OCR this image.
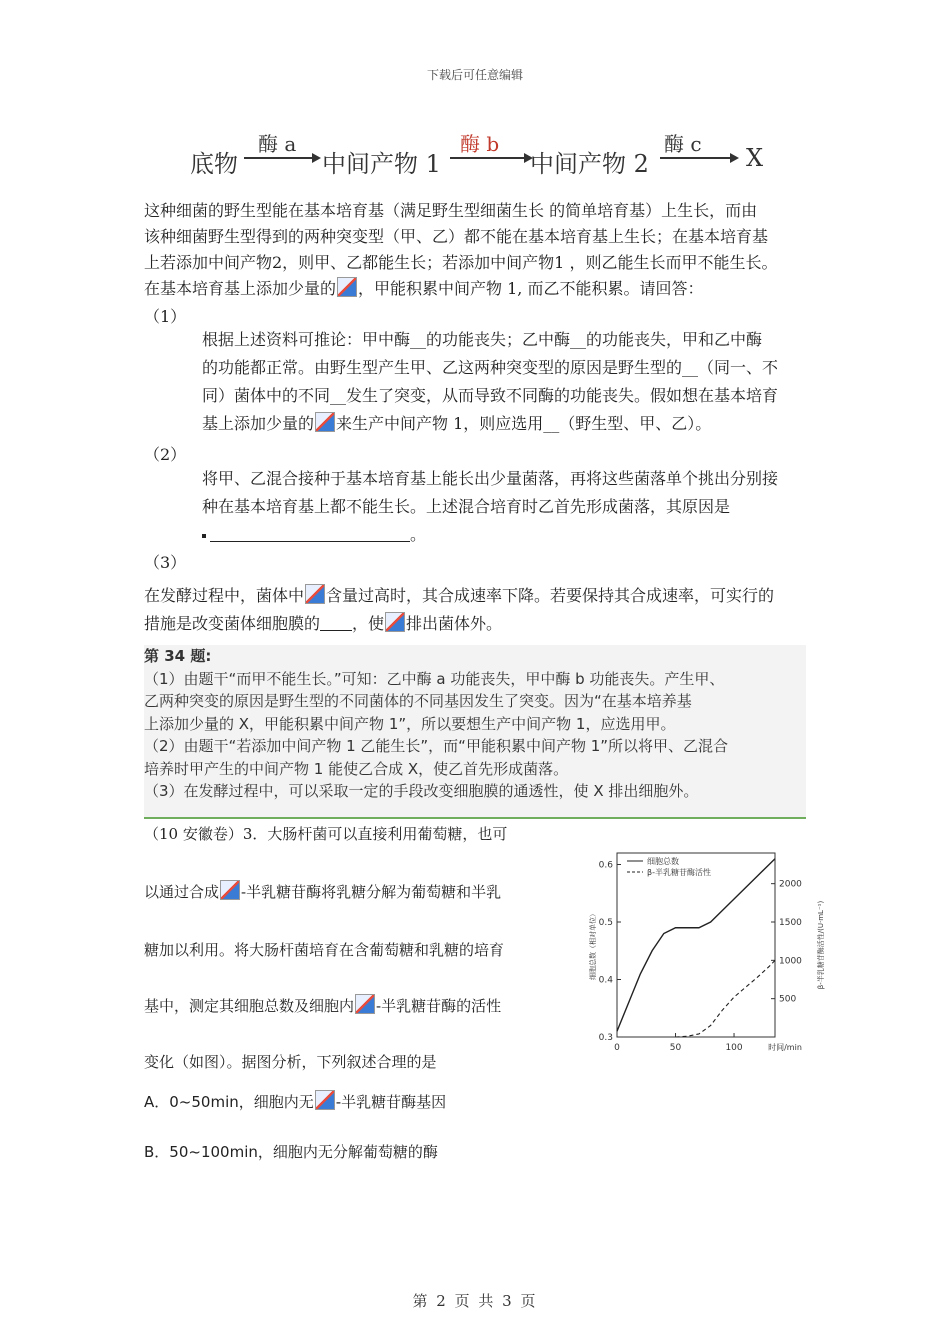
下载后可任意编辑
底物
酶 a
中间产物 1
酶 b
中间产物 2
酶 c X
这种细菌的野生型能在基本培育基（满足野生型细菌生长 的简单培育基）上生长，而由
该种细菌野生型得到的两种突变型（甲、乙）都不能在基本培育基上生长；在基本培育基
上若添加中间产物2，则甲、乙都能生长；若添加中间产物1 ，则乙能生长而甲不能生长。
在基本培育基上添加少量的 ，甲能积累中间产物 1, 而乙不能积累。请回答：
（1）
根据上述资料可推论：甲中酶__的功能丧失；乙中酶__的功能丧失，甲和乙中酶
的功能都正常。由野生型产生甲、乙这两种突变型的原因是野生型的__（同一、不
同）菌体中的不同__发生了突变，从而导致不同酶的功能丧失。假如想在基本培育
基上添加少量的 来生产中间产物 1，则应选用__（野生型、甲、乙）。
（2）
将甲、乙混合接种于基本培育基上能长出少量菌落，再将这些菌落单个挑出分别接
种在基本培育基上都不能生长。上述混合培育时乙首先形成菌落，其原因是
。
（3）
在发酵过程中，菌体中 含量过高时，其合成速率下降。若要保持其合成速率，可实行的
措施是改变菌体细胞膜的 ，使 排出菌体外。
第 34 题:
（1）由题干“而甲不能生长。”可知：乙中酶 a 功能丧失，甲中酶 b 功能丧失。产生甲、
乙两种突变的原因是野生型的不同菌体的不同基因发生了突变。因为“在基本培养基
上添加少量的 X，甲能积累中间产物 1”，所以要想生产中间产物 1，应选用甲。
（2）由题干“若添加中间产物 1 乙能生长”，而“甲能积累中间产物 1”所以将甲、乙混合
培养时甲产生的中间产物 1 能使乙合成 X，使乙首先形成菌落。
（3）在发酵过程中，可以采取一定的手段改变细胞膜的通透性，使 X 排出细胞外。
（10 安徽卷）3．大肠杆菌可以直接利用葡萄糖，也可
以通过合成 -半乳糖苷酶将乳糖分解为葡萄糖和半乳
糖加以利用。将大肠杆菌培育在含葡萄糖和乳糖的培育
基中，测定其细胞总数及细胞内 -半乳糖苷酶的活性
变化（如图）。据图分析，下列叙述合理的是
A．0~50min，细胞内无 -半乳糖苷酶基因
B．50~100min，细胞内无分解葡萄糖的酶
0	50	100
0.3
0.4
0.5
0.6
500
1000
1500
2000
时间/min
细胞总数（相对单位）	β-半乳糖苷酶活性/(U·mL⁻¹)
细胞总数
β-半乳糖苷酶活性
第 2 页 共 3 页
